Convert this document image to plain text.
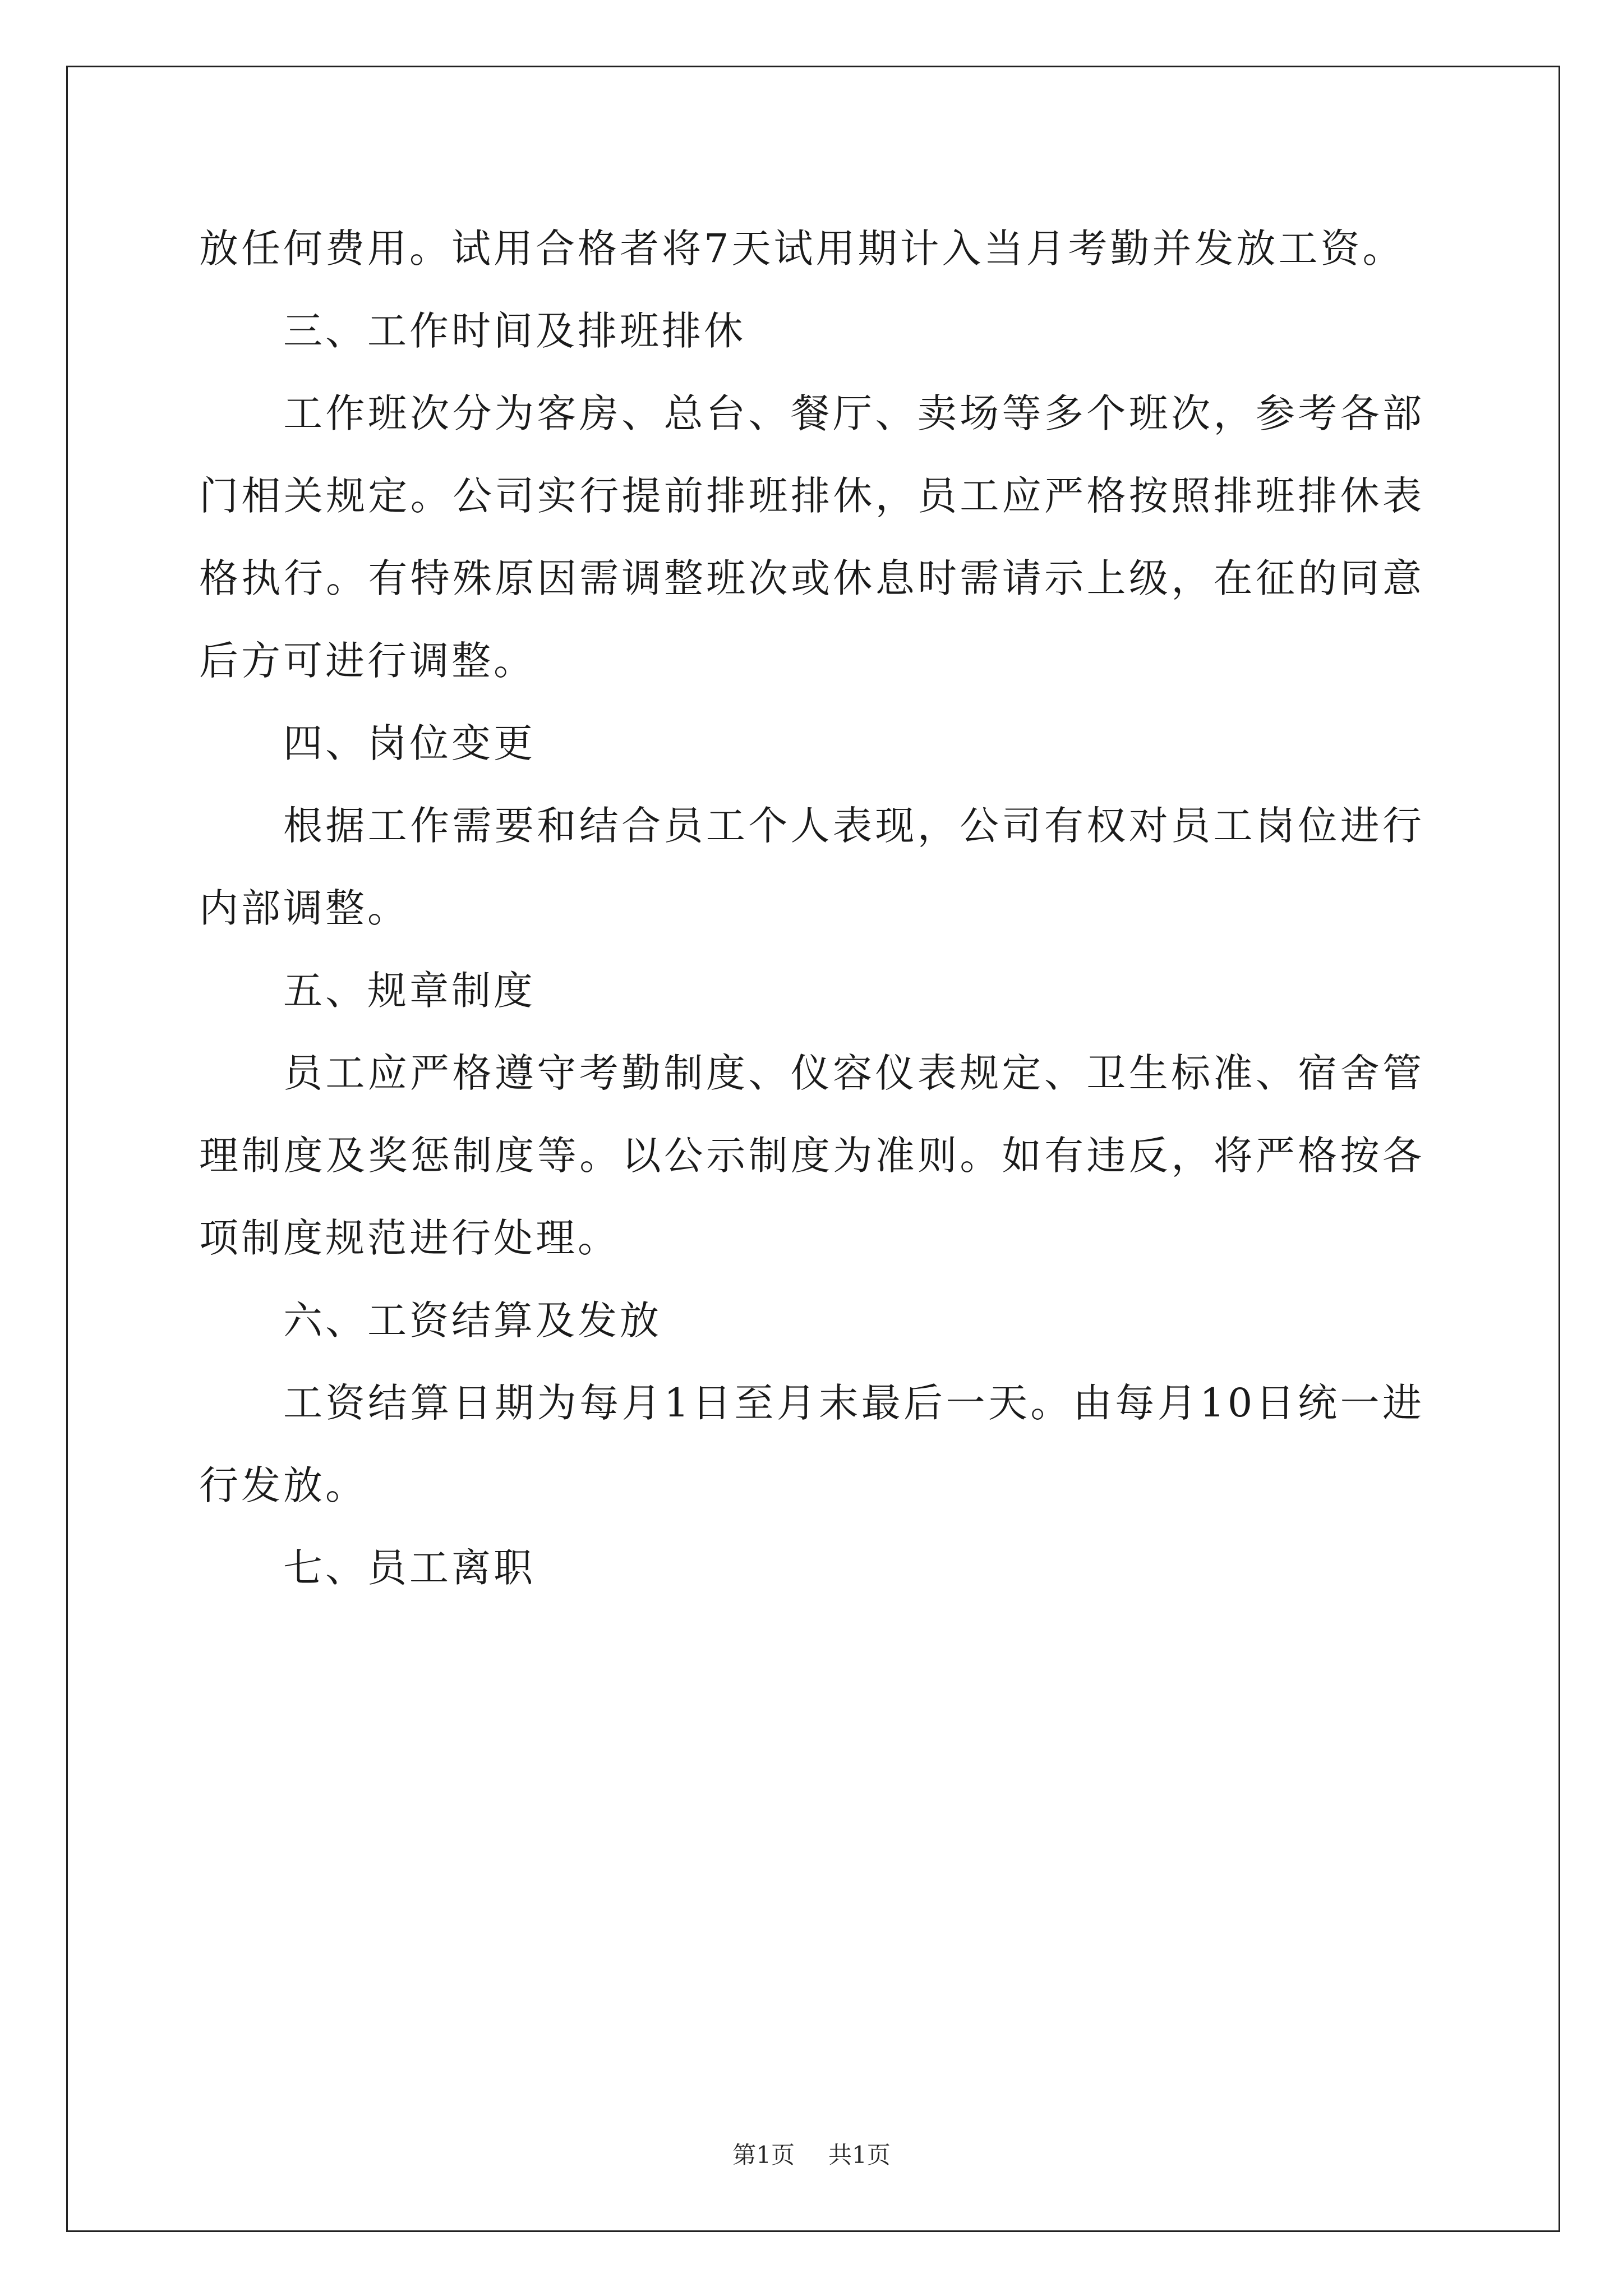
放任何费用。试用合格者将7天试用期计入当月考勤并发放工资。

三、工作时间及排班排休

工作班次分为客房、总台、餐厅、卖场等多个班次，参考各部门相关规定。公司实行提前排班排休，员工应严格按照排班排休表格执行。有特殊原因需调整班次或休息时需请示上级，在征的同意后方可进行调整。

四、岗位变更

根据工作需要和结合员工个人表现，公司有权对员工岗位进行内部调整。

五、规章制度

员工应严格遵守考勤制度、仪容仪表规定、卫生标准、宿舍管理制度及奖惩制度等。以公示制度为准则。如有违反，将严格按各项制度规范进行处理。

六、工资结算及发放

工资结算日期为每月1日至月末最后一天。由每月10日统一进行发放。

七、员工离职

第1页 共1页
